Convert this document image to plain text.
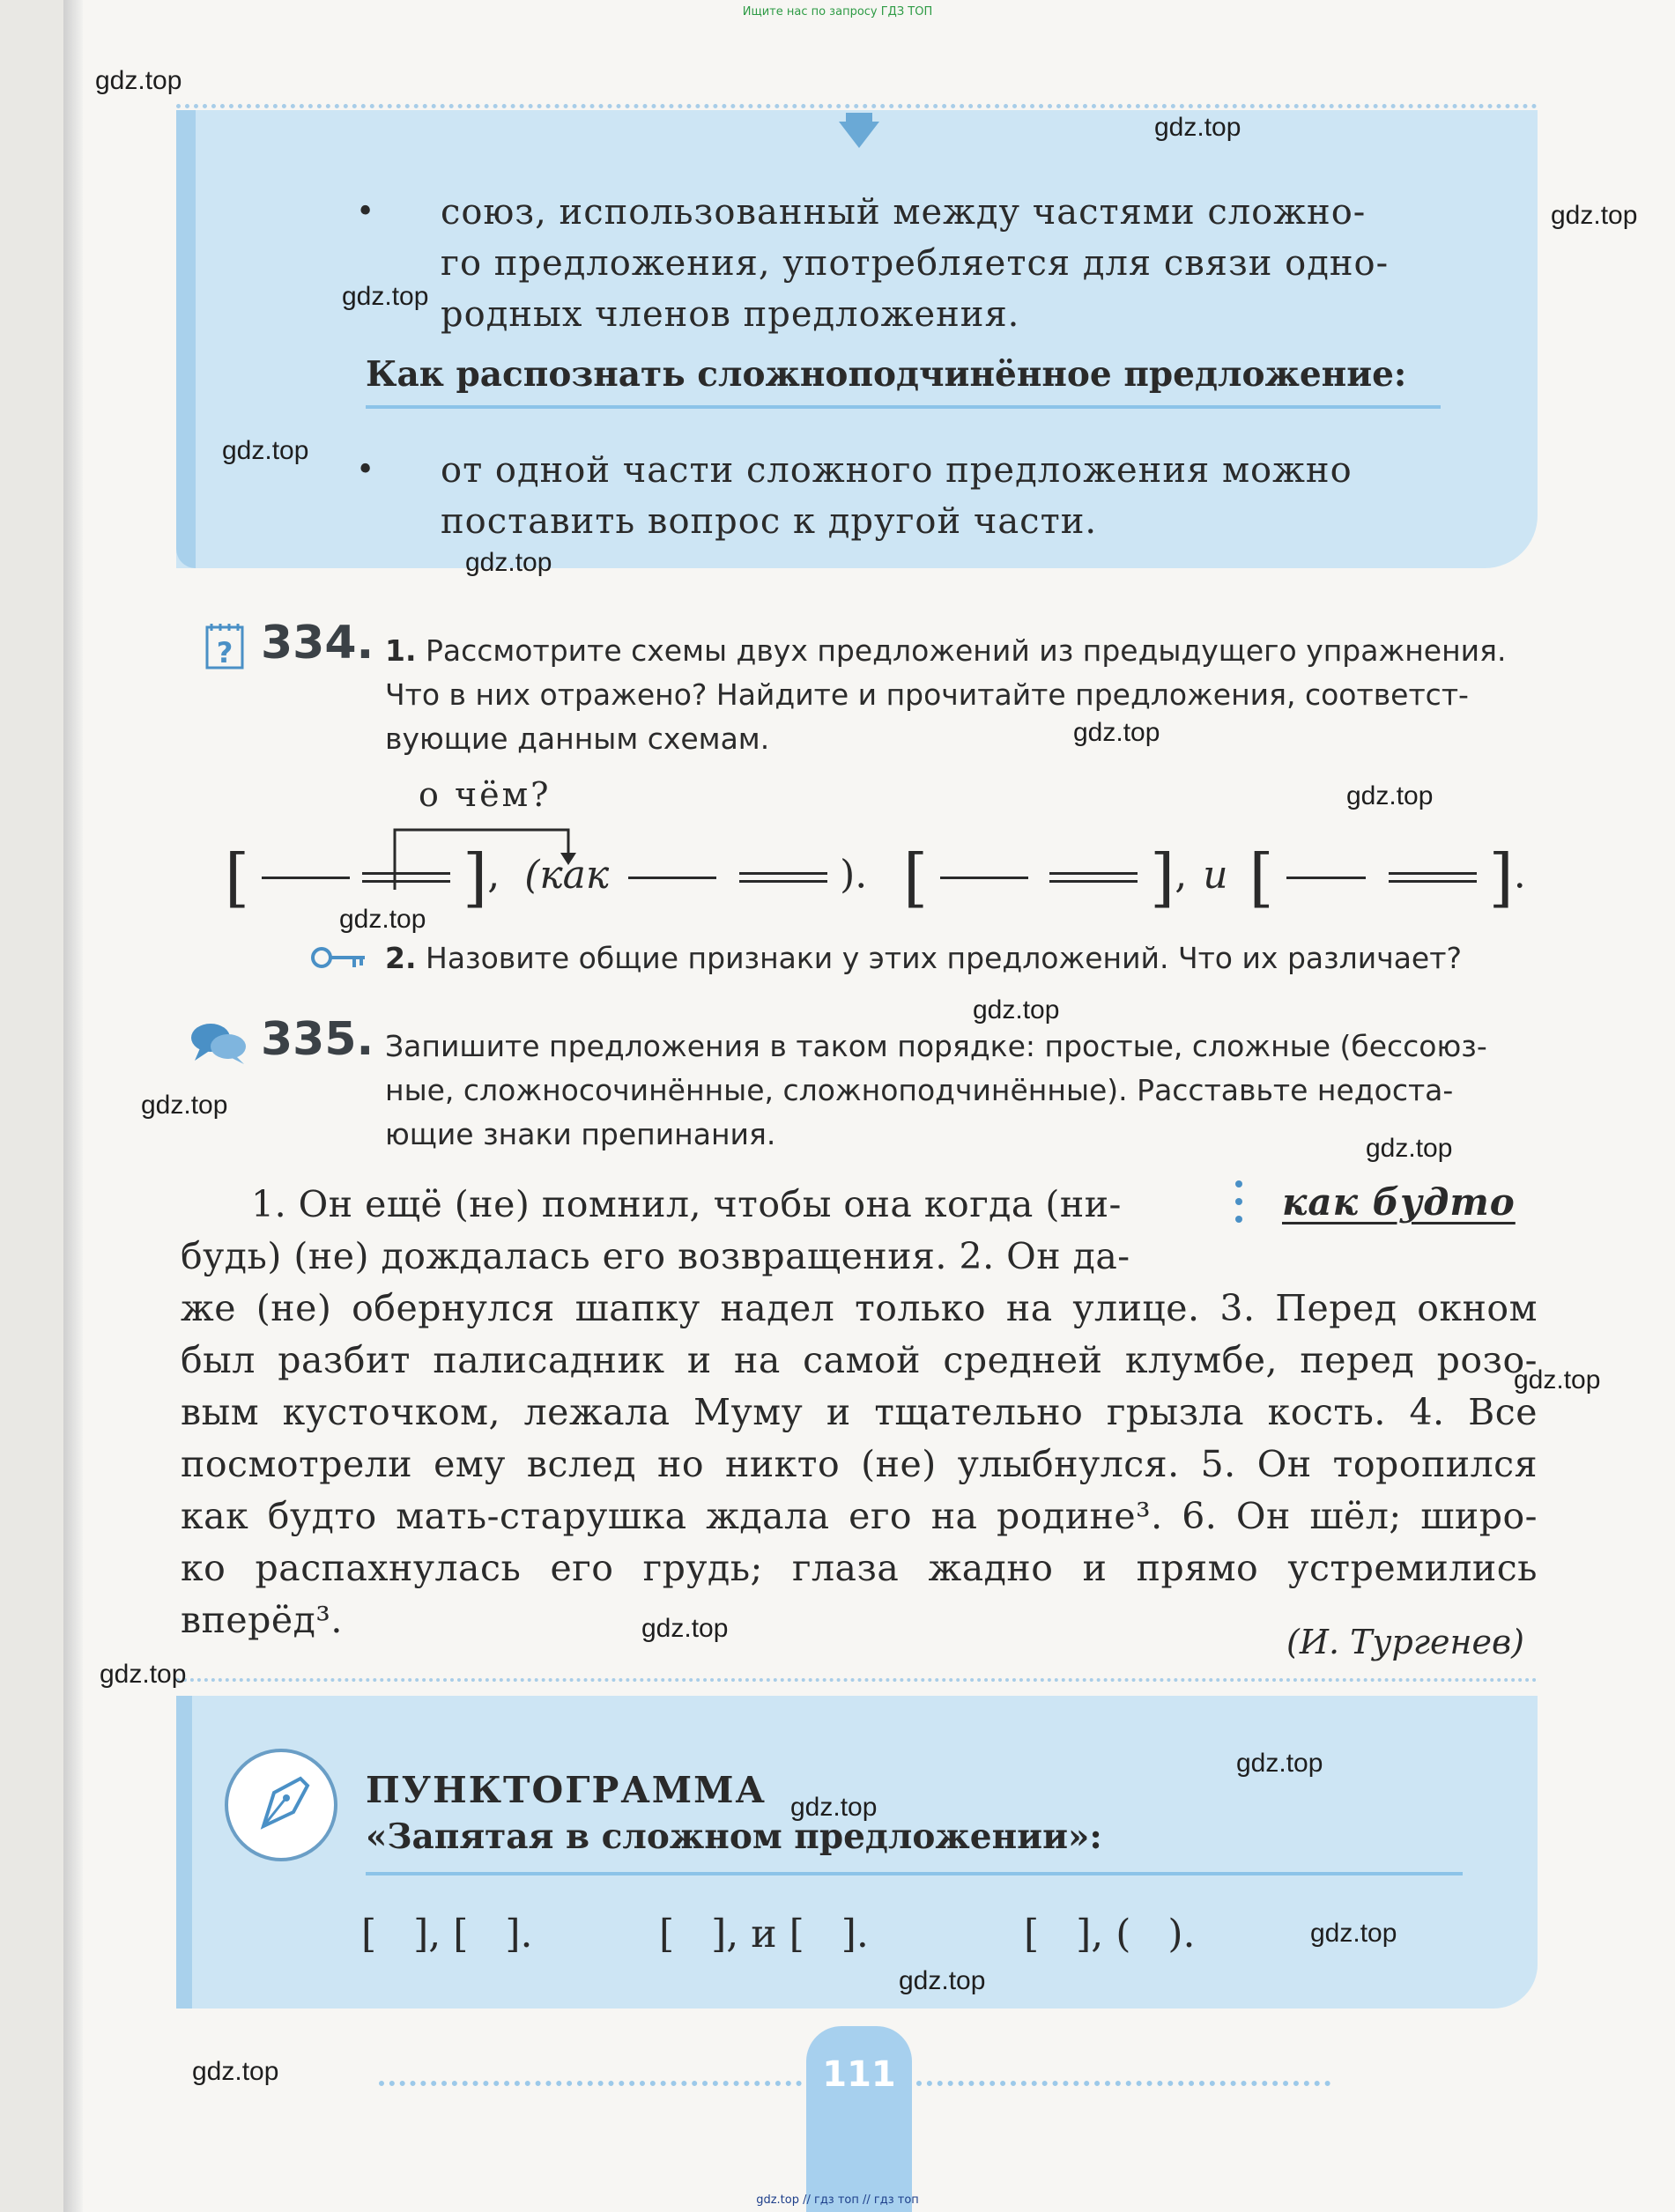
Ищите нас по запросу ГДЗ ТОП
• союз, использованный между частями сложно-
го предложения, употребляется для связи одно-
родных членов предложения.
Как распознать сложноподчинённое предложение:
• от одной части сложного предложения можно
поставить вопрос к другой части.
? 334. 1. Рассмотрите схемы двух предложений из предыдущего упражнения.
Что в них отражено? Найдите и прочитайте предложения, соответст-
вующие данным схемам.
о чём?
[	], (как	). [	], и [	].
2. Назовите общие признаки у этих предложений. Что их различает?
335. Запишите предложения в таком порядке: простые, сложные (бессоюз-
ные, сложносочинённые, сложноподчинённые). Расставьте недоста-
ющие знаки препинания.
как будто
1. Он ещё (не) помнил, чтобы она когда (ни-
будь) (не) дождалась его возвращения. 2. Он да-
же (не) обернулся шапку надел только на улице. 3. Перед окном
был разбит палисадник и на самой средней клумбе, перед розо-
вым кусточком, лежала Муму и тщательно грызла кость. 4. Все
посмотрели ему вслед но никто (не) улыбнулся. 5. Он торопился
как будто мать-старушка ждала его на родине³. 6. Он шёл; широ-
ко распахнулась его грудь; глаза жадно и прямо устремились
вперёд³.
(И. Тургенев)
ПУНКТОГРАММА
«Запятая в сложном предложении»:
[   ], [   ].	[   ], и [   ].	[   ], (   ).
111
gdz.top
gdz.top
gdz.top
gdz.top
gdz.top
gdz.top
gdz.top
gdz.top
gdz.top
gdz.top
gdz.top
gdz.top
gdz.top
gdz.top
gdz.top
gdz.top
gdz.top
gdz.top
gdz.top
gdz.top
gdz.top // гдз топ // гдз топ
